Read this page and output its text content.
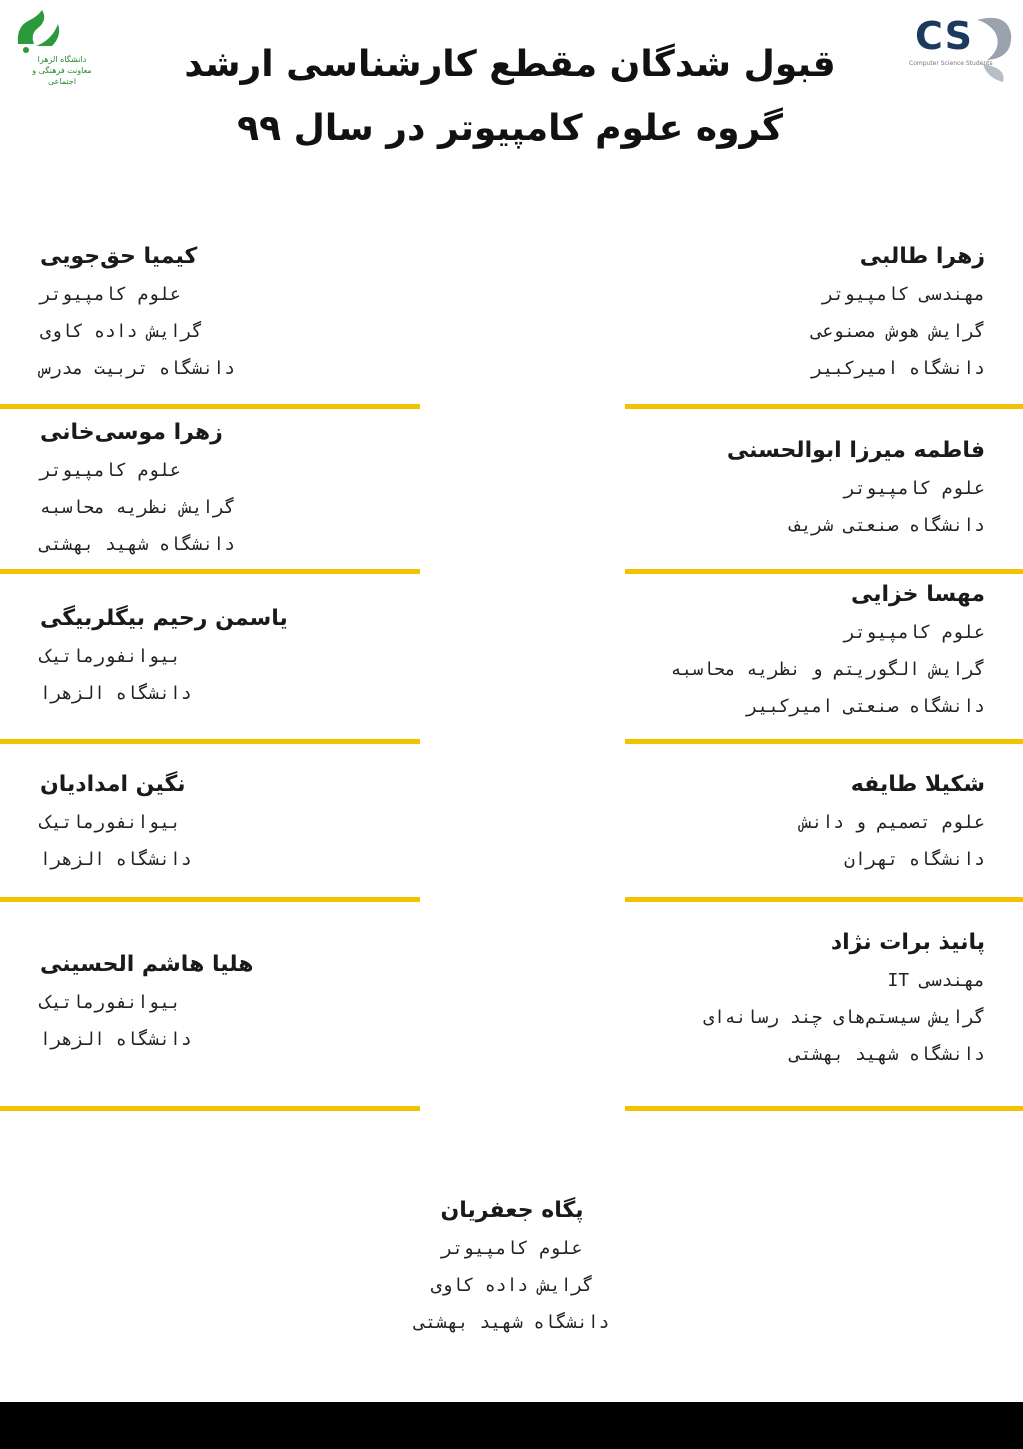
دانشگاه الزهرا
معاونت فرهنگی و اجتماعی
CS
Computer Science Students
قبول شدگان مقطع کارشناسی ارشد
گروه علوم کامپیوتر در سال ۹۹
زهرا طالبی
مهندسی کامپیوتر
گرایش هوش مصنوعی
دانشگاه امیرکبیر
فاطمه میرزا ابوالحسنی
علوم کامپیوتر
دانشگاه صنعتی شریف
مهسا خزایی
علوم کامپیوتر
گرایش الگوریتم و نظریه محاسبه
دانشگاه صنعتی امیرکبیر
شکیلا طایفه
علوم تصمیم و دانش
دانشگاه تهران
پانیذ برات نژاد
مهندسی IT
گرایش سیستم‌های چند رسانه‌ای
دانشگاه شهید بهشتی
کیمیا حق‌جویی
علوم کامپیوتر
گرایش داده کاوی
دانشگاه تربیت مدرس
زهرا موسی‌خانی
علوم کامپیوتر
گرایش نظریه محاسبه
دانشگاه شهید بهشتی
یاسمن رحیم بیگلربیگی
بیوانفورماتیک
دانشگاه الزهرا
نگین امدادیان
بیوانفورماتیک
دانشگاه الزهرا
هلیا هاشم الحسینی
بیوانفورماتیک
دانشگاه الزهرا
پگاه جعفریان
علوم کامپیوتر
گرایش داده کاوی
دانشگاه شهید بهشتی
